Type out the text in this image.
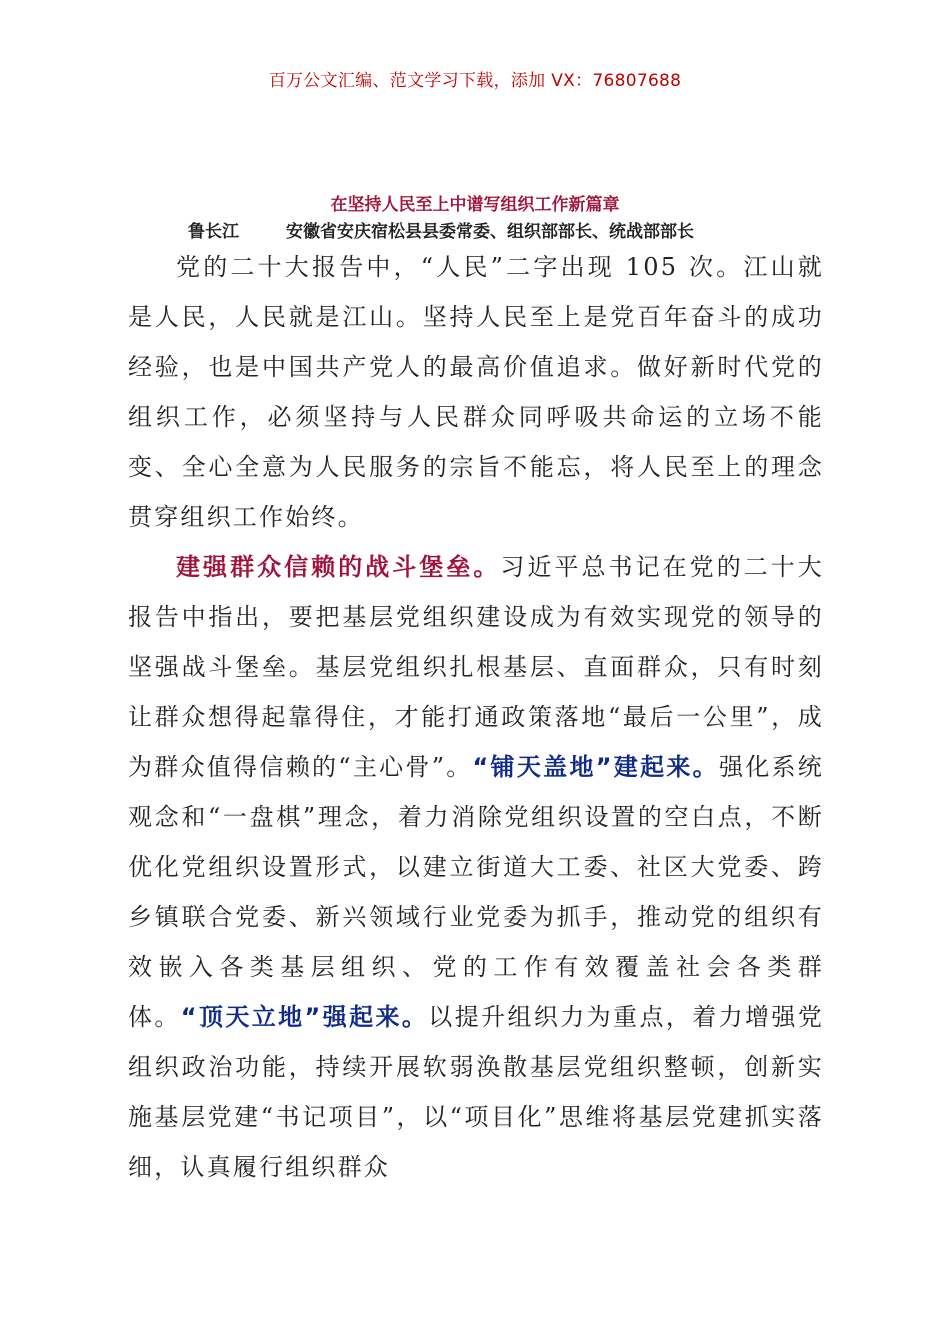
百万公文汇编、范文学习下载，添加 VX：76807688
在坚持人民至上中谱写组织工作新篇章
鲁长江	安徽省安庆宿松县县委常委、组织部部长、统战部部长

党的二十大报告中，“人民”二字出现 105 次。江山就是人民，人民就是江山。坚持人民至上是党百年奋斗的成功经验，也是中国共产党人的最高价值追求。做好新时代党的组织工作，必须坚持与人民群众同呼吸共命运的立场不能变、全心全意为人民服务的宗旨不能忘，将人民至上的理念贯穿组织工作始终。

建强群众信赖的战斗堡垒。习近平总书记在党的二十大报告中指出，要把基层党组织建设成为有效实现党的领导的坚强战斗堡垒。基层党组织扎根基层、直面群众，只有时刻让群众想得起靠得住，才能打通政策落地“最后一公里”，成为群众值得信赖的“主心骨”。“铺天盖地”建起来。强化系统观念和“一盘棋”理念，着力消除党组织设置的空白点，不断优化党组织设置形式，以建立街道大工委、社区大党委、跨乡镇联合党委、新兴领域行业党委为抓手，推动党的组织有效嵌入各类基层组织、党的工作有效覆盖社会各类群体。“顶天立地”强起来。以提升组织力为重点，着力增强党组织政治功能，持续开展软弱涣散基层党组织整顿，创新实施基层党建“书记项目”，以“项目化”思维将基层党建抓实落细，认真履行组织群众
